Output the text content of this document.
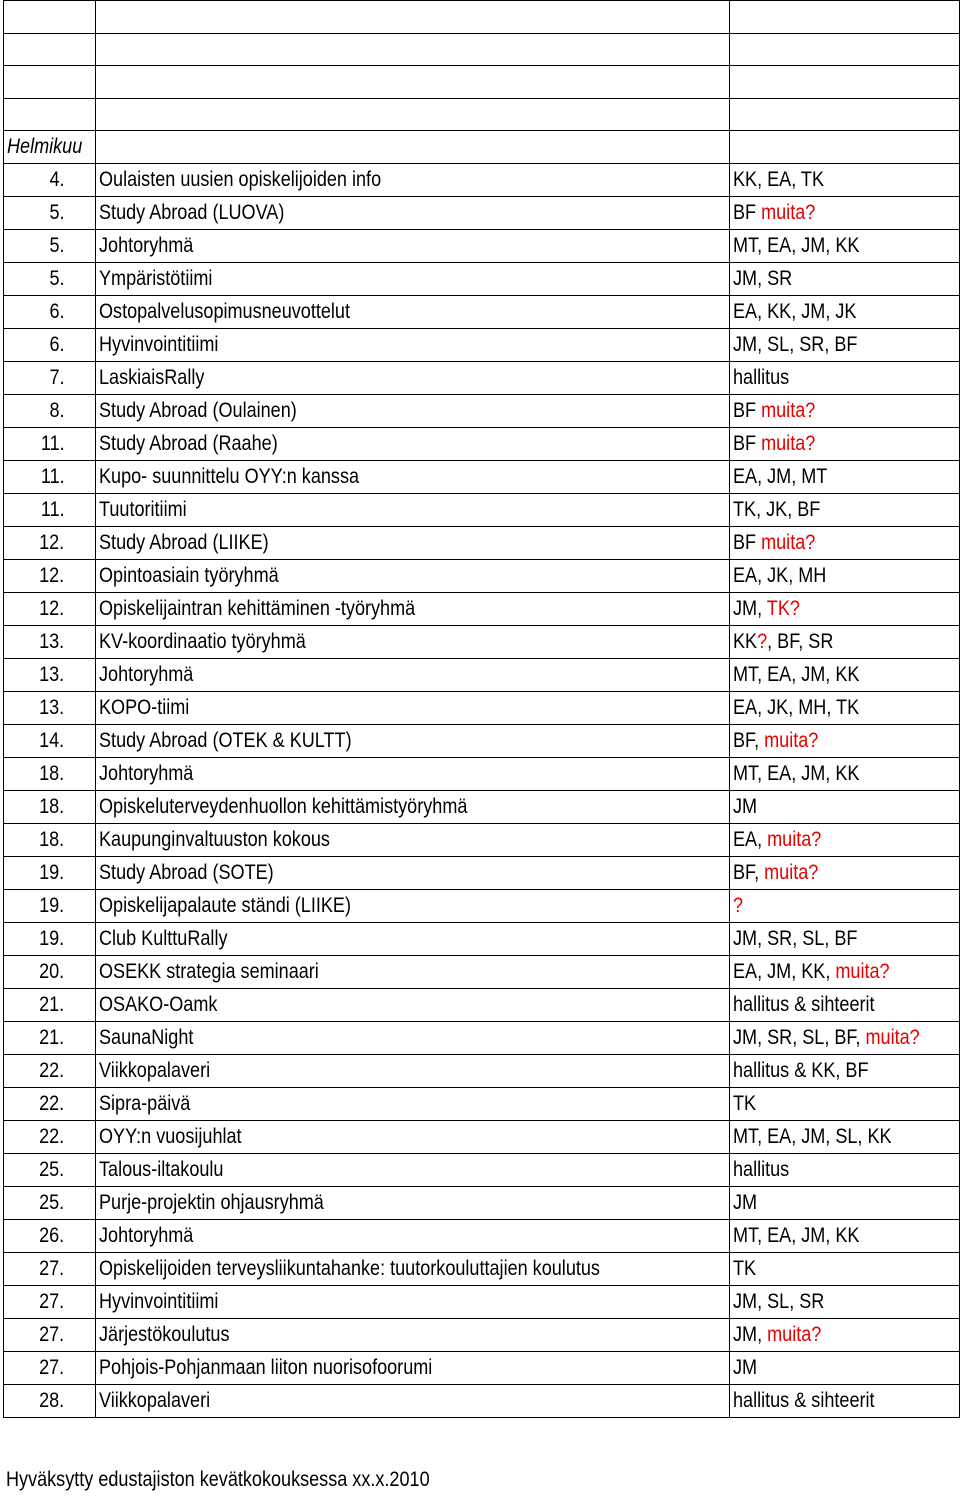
Helmikuu		
4.	Oulaisten uusien opiskelijoiden info	KK, EA, TK
5.	Study Abroad (LUOVA)	BF muita?
5.	Johtoryhmä	MT, EA, JM, KK
5.	Ympäristötiimi	JM, SR
6.	Ostopalvelusopimusneuvottelut	EA, KK, JM, JK
6.	Hyvinvointitiimi	JM, SL, SR, BF
7.	LaskiaisRally	hallitus
8.	Study Abroad (Oulainen)	BF muita?
11.	Study Abroad (Raahe)	BF muita?
11.	Kupo- suunnittelu OYY:n kanssa	EA, JM, MT
11.	Tuutoritiimi	TK, JK, BF
12.	Study Abroad (LIIKE)	BF muita?
12.	Opintoasiain työryhmä	EA, JK, MH
12.	Opiskelijaintran kehittäminen -työryhmä	JM, TK?
13.	KV-koordinaatio työryhmä	KK?, BF, SR
13.	Johtoryhmä	MT, EA, JM, KK
13.	KOPO-tiimi	EA, JK, MH, TK
14.	Study Abroad (OTEK & KULTT)	BF, muita?
18.	Johtoryhmä	MT, EA, JM, KK
18.	Opiskeluterveydenhuollon kehittämistyöryhmä	JM
18.	Kaupunginvaltuuston kokous	EA, muita?
19.	Study Abroad (SOTE)	BF, muita?
19.	Opiskelijapalaute ständi (LIIKE)	?
19.	Club KulttuRally	JM, SR, SL, BF
20.	OSEKK strategia seminaari	EA, JM, KK, muita?
21.	OSAKO-Oamk	hallitus & sihteerit
21.	SaunaNight	JM, SR, SL, BF, muita?
22.	Viikkopalaveri	hallitus & KK, BF
22.	Sipra-päivä	TK
22.	OYY:n vuosijuhlat	MT, EA, JM, SL, KK
25.	Talous-iltakoulu	hallitus
25.	Purje-projektin ohjausryhmä	JM
26.	Johtoryhmä	MT, EA, JM, KK
27.	Opiskelijoiden terveysliikuntahanke: tuutorkouluttajien koulutus	TK
27.	Hyvinvointitiimi	JM, SL, SR
27.	Järjestökoulutus	JM, muita?
27.	Pohjois-Pohjanmaan liiton nuorisofoorumi	JM
28.	Viikkopalaveri	hallitus & sihteerit
Hyväksytty edustajiston kevätkokouksessa xx.x.2010
